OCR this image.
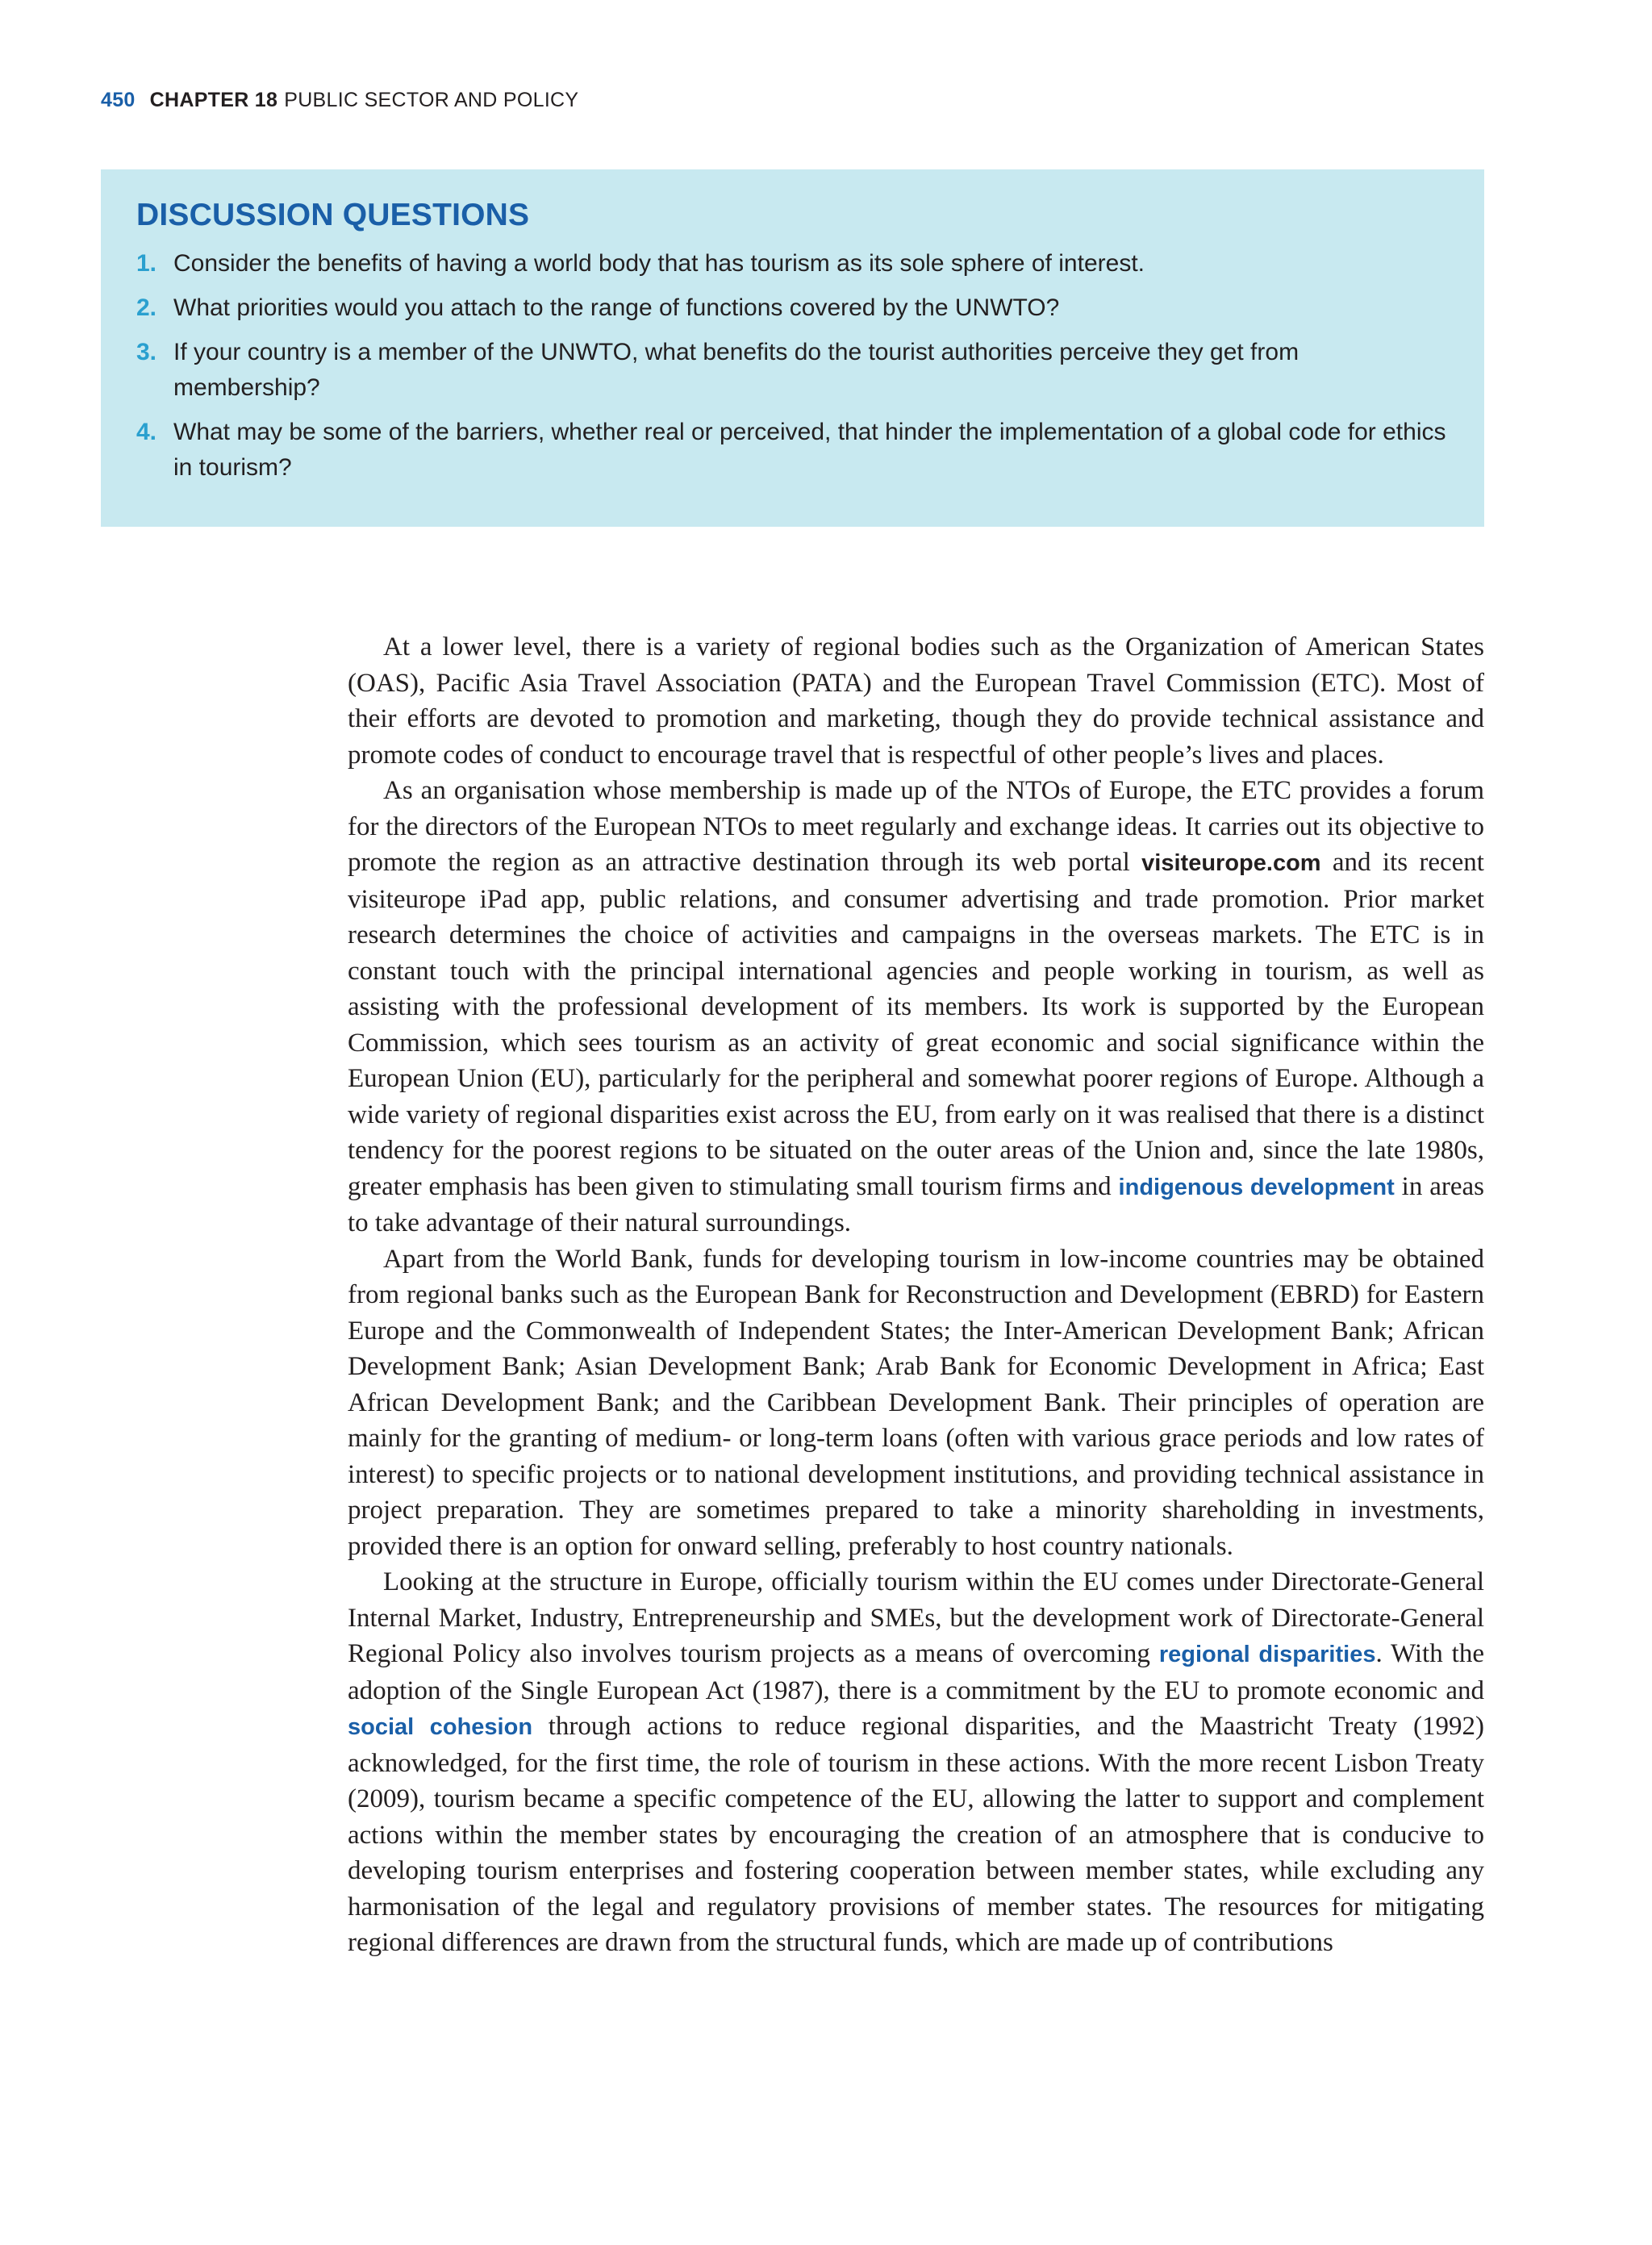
450 CHAPTER 18 PUBLIC SECTOR AND POLICY
DISCUSSION QUESTIONS
1. Consider the benefits of having a world body that has tourism as its sole sphere of interest.
2. What priorities would you attach to the range of functions covered by the UNWTO?
3. If your country is a member of the UNWTO, what benefits do the tourist authorities perceive they get from membership?
4. What may be some of the barriers, whether real or perceived, that hinder the implementation of a global code for ethics in tourism?

At a lower level, there is a variety of regional bodies such as the Organization of American States (OAS), Pacific Asia Travel Association (PATA) and the European Travel Commission (ETC). Most of their efforts are devoted to promotion and marketing, though they do provide technical assistance and promote codes of conduct to encourage travel that is respectful of other people’s lives and places.

As an organisation whose membership is made up of the NTOs of Europe, the ETC provides a forum for the directors of the European NTOs to meet regularly and exchange ideas. It carries out its objective to promote the region as an attractive destination through its web portal visiteurope.com and its recent visiteurope iPad app, public relations, and consumer advertising and trade promotion. Prior market research determines the choice of activities and campaigns in the overseas markets. The ETC is in constant touch with the principal international agencies and people working in tourism, as well as assisting with the professional development of its members. Its work is supported by the European Commission, which sees tourism as an activity of great economic and social significance within the European Union (EU), particularly for the peripheral and somewhat poorer regions of Europe. Although a wide variety of regional disparities exist across the EU, from early on it was realised that there is a distinct tendency for the poorest regions to be situated on the outer areas of the Union and, since the late 1980s, greater emphasis has been given to stimulating small tourism firms and indigenous development in areas to take advantage of their natural surroundings.

Apart from the World Bank, funds for developing tourism in low-income countries may be obtained from regional banks such as the European Bank for Reconstruction and Development (EBRD) for Eastern Europe and the Commonwealth of Independent States; the Inter-American Development Bank; African Development Bank; Asian Development Bank; Arab Bank for Economic Development in Africa; East African Development Bank; and the Caribbean Development Bank. Their principles of operation are mainly for the granting of medium- or long-term loans (often with various grace periods and low rates of interest) to specific projects or to national development institutions, and providing technical assistance in project preparation. They are sometimes prepared to take a minority shareholding in investments, provided there is an option for onward selling, preferably to host country nationals.

Looking at the structure in Europe, officially tourism within the EU comes under Directorate-General Internal Market, Industry, Entrepreneurship and SMEs, but the development work of Directorate-General Regional Policy also involves tourism projects as a means of overcoming regional disparities. With the adoption of the Single European Act (1987), there is a commitment by the EU to promote economic and social cohesion through actions to reduce regional disparities, and the Maastricht Treaty (1992) acknowledged, for the first time, the role of tourism in these actions. With the more recent Lisbon Treaty (2009), tourism became a specific competence of the EU, allowing the latter to support and complement actions within the member states by encouraging the creation of an atmosphere that is conducive to developing tourism enterprises and fostering cooperation between member states, while excluding any harmonisation of the legal and regulatory provisions of member states. The resources for mitigating regional differences are drawn from the structural funds, which are made up of contributions
